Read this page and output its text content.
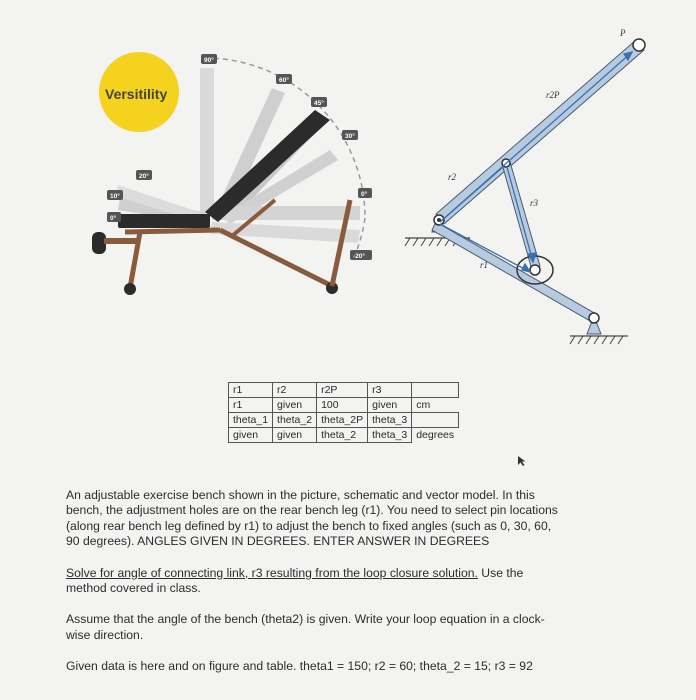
90°
60°
45°
30°
0°
-20°
20°
10°
0°
Versitility
P
r2P
r2
r3
r1
r1	r2	r2P	r3	
r1	given	100	given	cm
theta_1	theta_2	theta_2P	theta_3	
given	given	theta_2	theta_3	degrees

An adjustable exercise bench shown in the picture, schematic and vector model. In this bench, the adjustment holes are on the rear bench leg (r1). You need to select pin locations (along rear bench leg defined by r1) to adjust the bench to fixed angles (such as 0, 30, 60, 90 degrees). ANGLES GIVEN IN DEGREES. ENTER ANSWER IN DEGREES

Solve for angle of connecting link, r3 resulting from the loop closure solution. Use the method covered in class.

Assume that the angle of the bench (theta2) is given. Write your loop equation in a clock-wise direction.

Given data is here and on figure and table. theta1 = 150; r2 = 60; theta_2 = 15; r3 = 92
